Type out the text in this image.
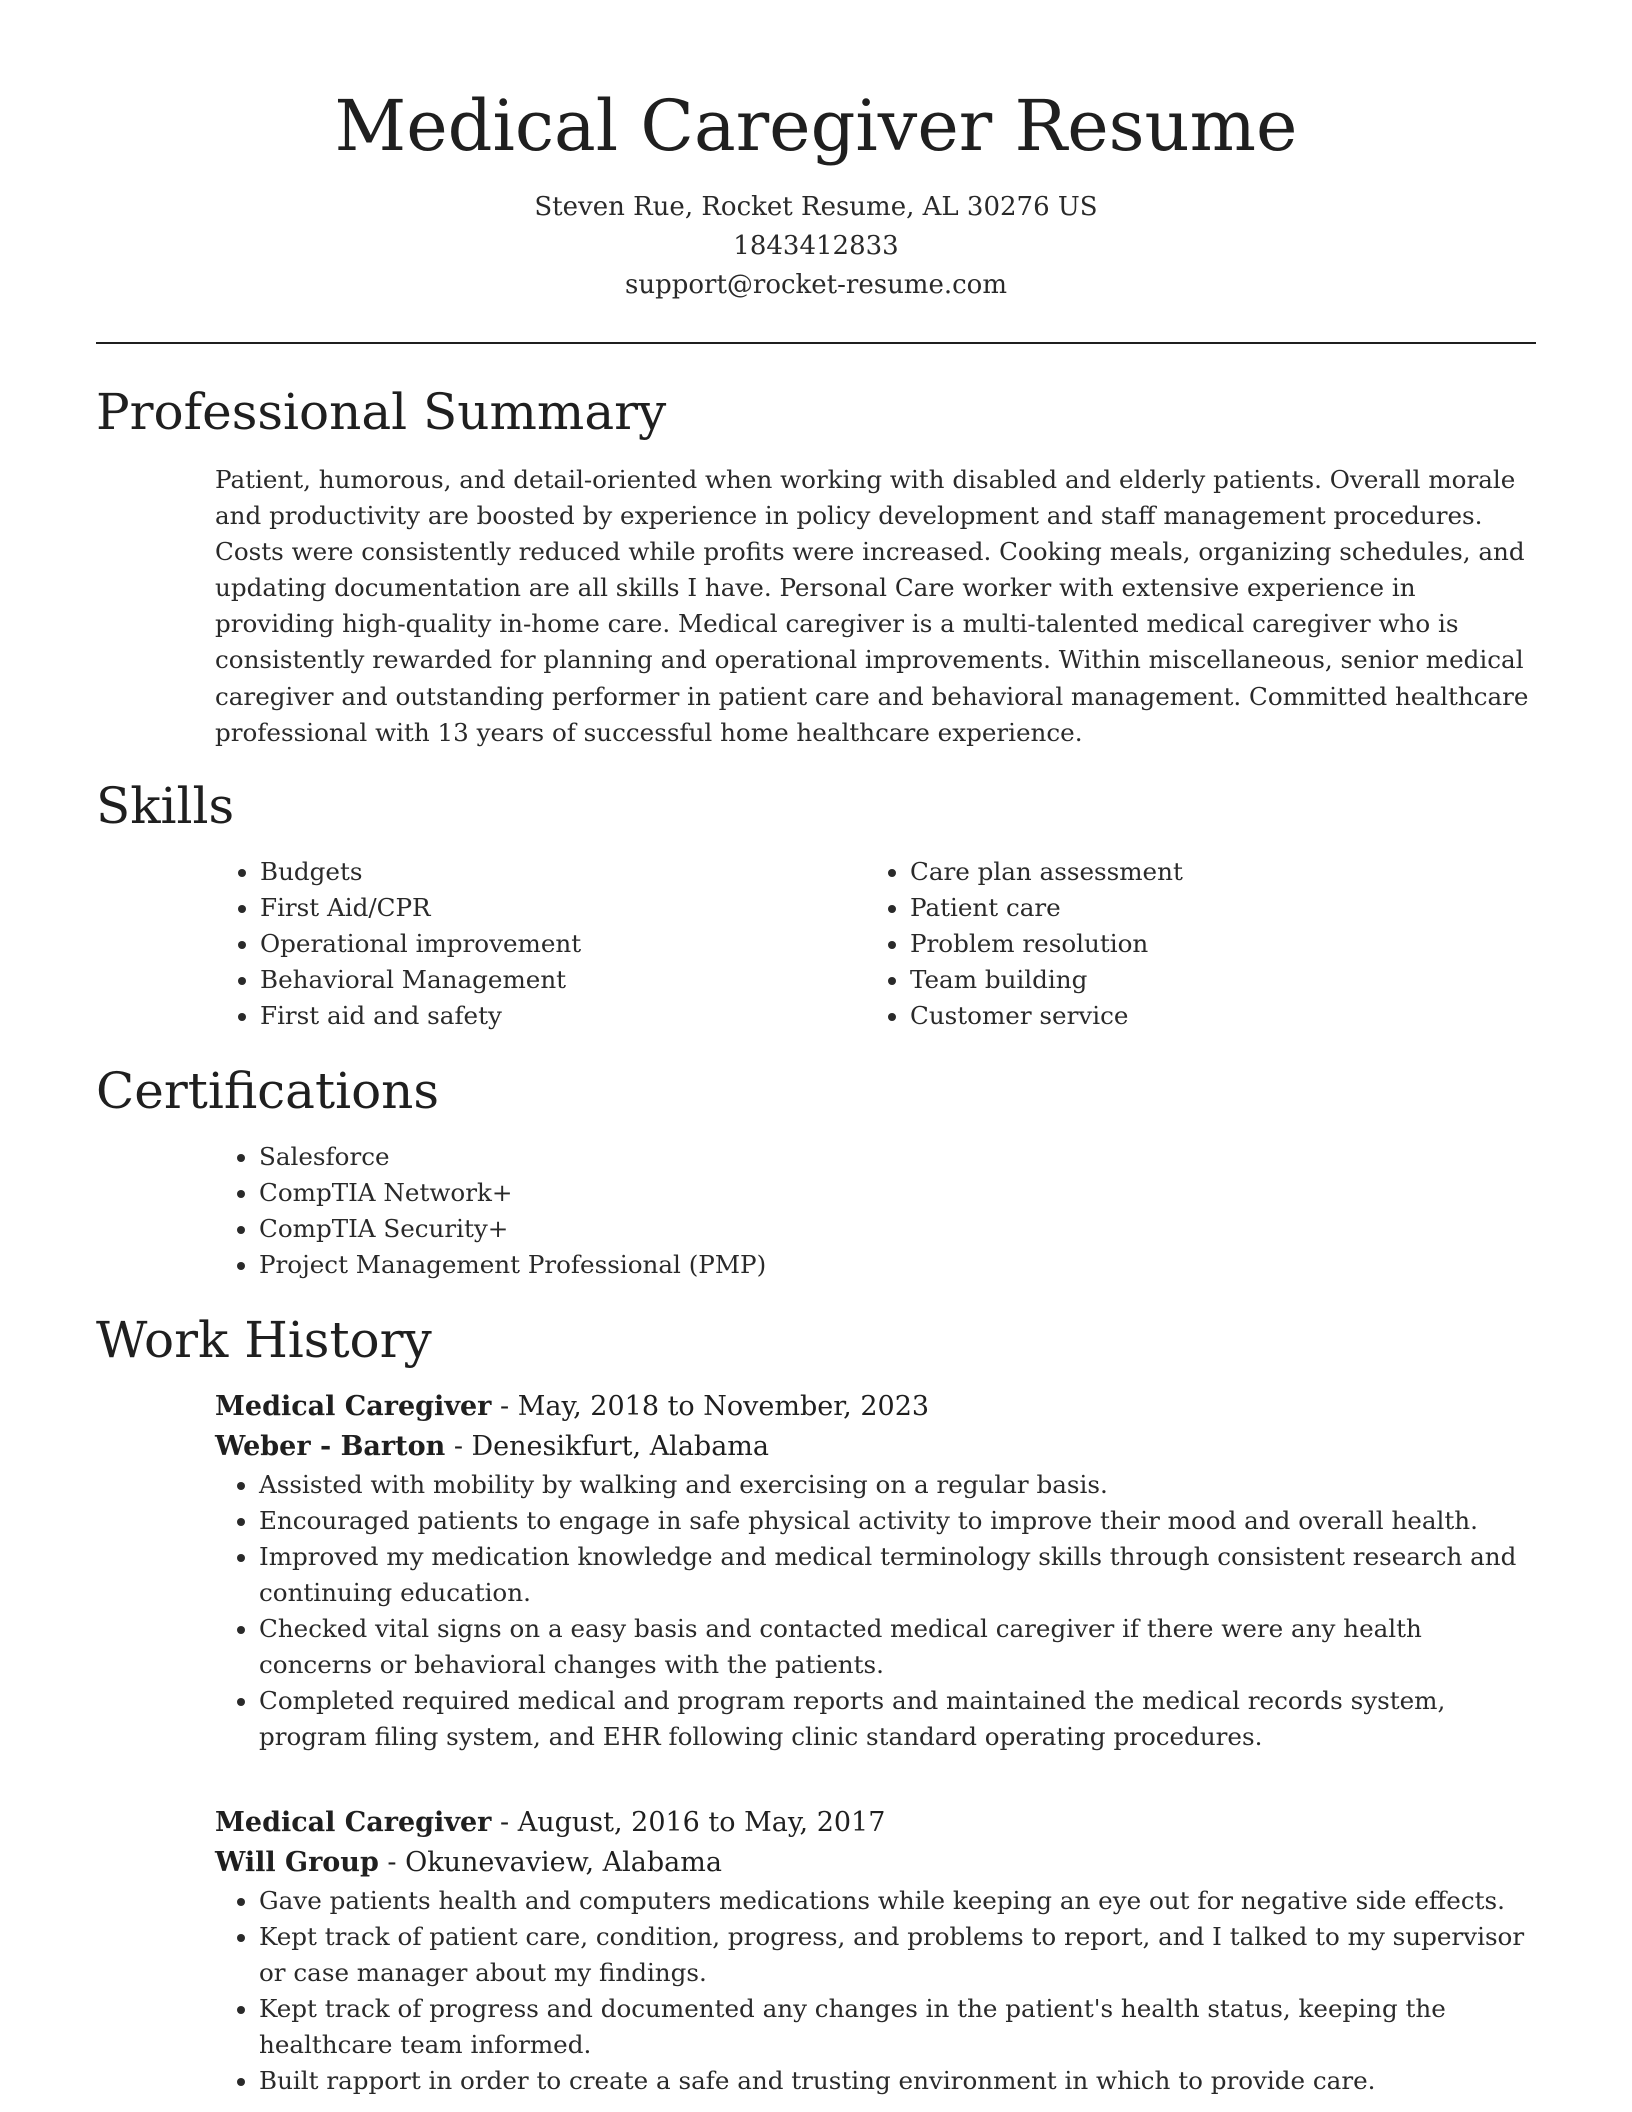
Medical Caregiver Resume
Steven Rue, Rocket Resume, AL 30276 US
1843412833
support@rocket-resume.com
Professional Summary
Patient, humorous, and detail-oriented when working with disabled and elderly patients. Overall morale and productivity are boosted by experience in policy development and staff management procedures. Costs were consistently reduced while profits were increased. Cooking meals, organizing schedules, and updating documentation are all skills I have. Personal Care worker with extensive experience in providing high-quality in-home care. Medical caregiver is a multi-talented medical caregiver who is consistently rewarded for planning and operational improvements. Within miscellaneous, senior medical caregiver and outstanding performer in patient care and behavioral management. Committed healthcare professional with 13 years of successful home healthcare experience.
Skills
• Budgets
• First Aid/CPR
• Operational improvement
• Behavioral Management
• First aid and safety
• Care plan assessment
• Patient care
• Problem resolution
• Team building
• Customer service
Certifications
• Salesforce
• CompTIA Network+
• CompTIA Security+
• Project Management Professional (PMP)
Work History
Medical Caregiver - May, 2018 to November, 2023
Weber - Barton - Denesikfurt, Alabama
• Assisted with mobility by walking and exercising on a regular basis.
• Encouraged patients to engage in safe physical activity to improve their mood and overall health.
• Improved my medication knowledge and medical terminology skills through consistent research and continuing education.
• Checked vital signs on a easy basis and contacted medical caregiver if there were any health concerns or behavioral changes with the patients.
• Completed required medical and program reports and maintained the medical records system, program filing system, and EHR following clinic standard operating procedures.
Medical Caregiver - August, 2016 to May, 2017
Will Group - Okunevaview, Alabama
• Gave patients health and computers medications while keeping an eye out for negative side effects.
• Kept track of patient care, condition, progress, and problems to report, and I talked to my supervisor or case manager about my findings.
• Kept track of progress and documented any changes in the patient's health status, keeping the healthcare team informed.
• Built rapport in order to create a safe and trusting environment in which to provide care.
